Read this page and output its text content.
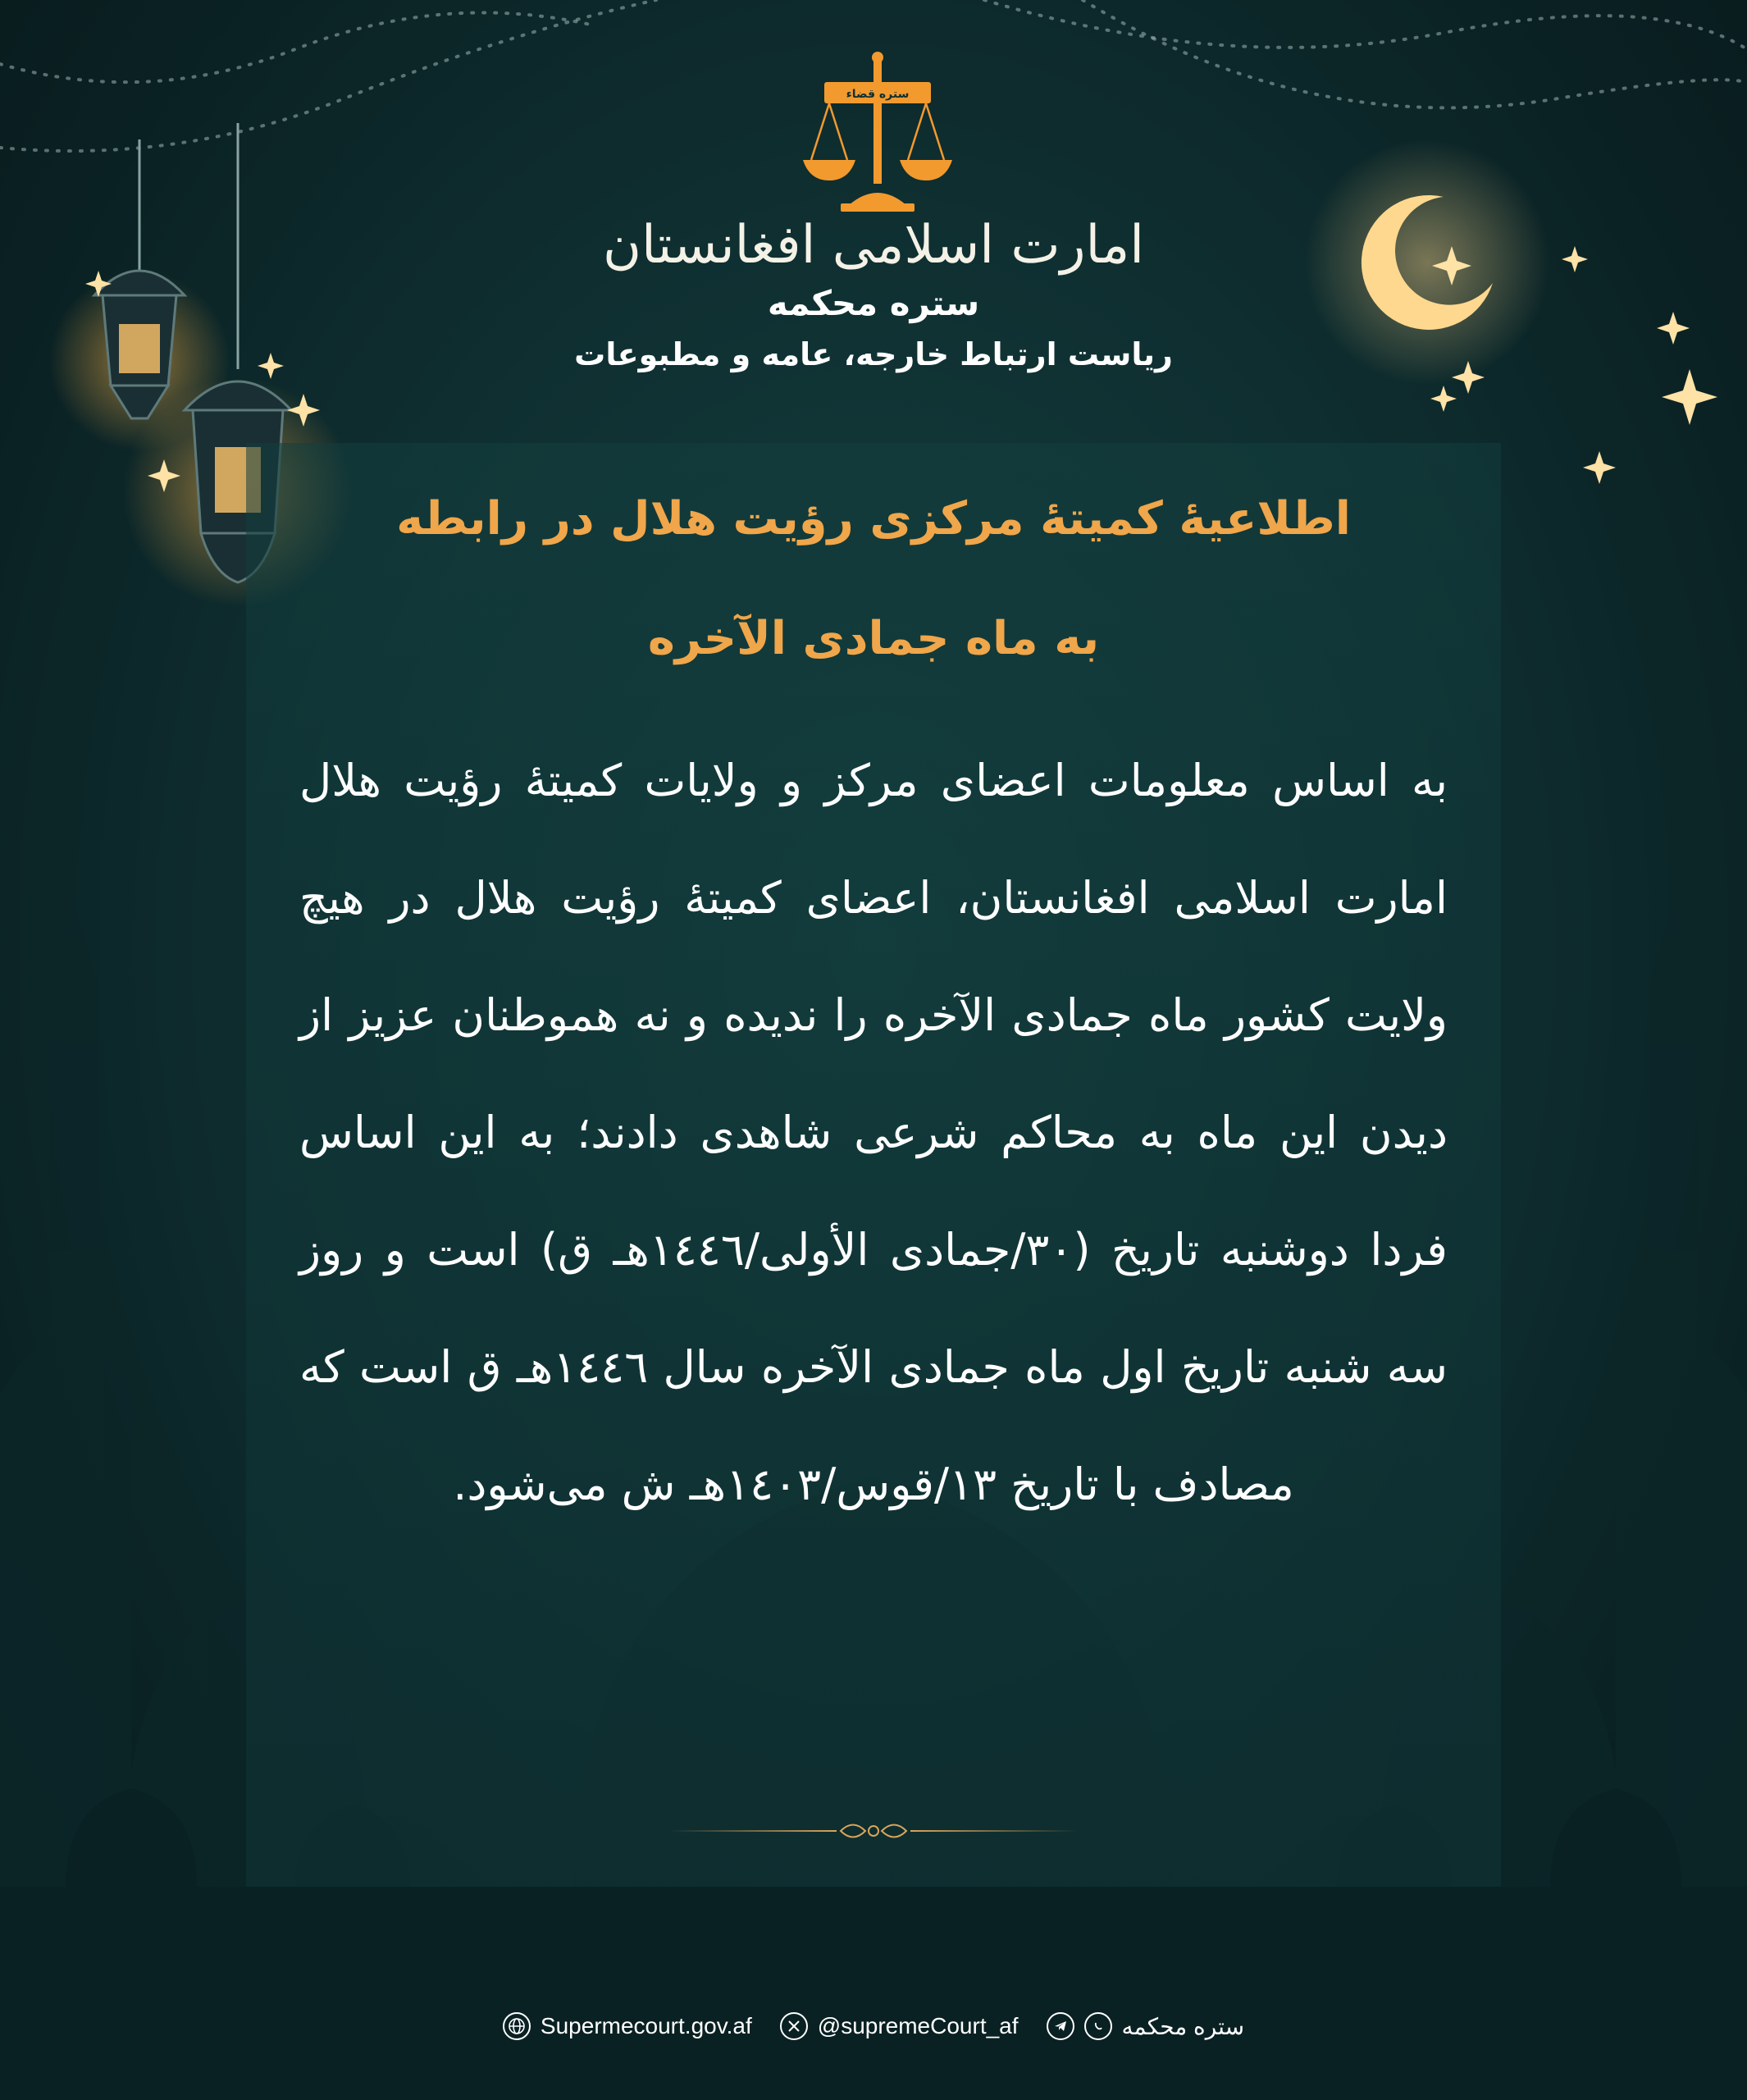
ستره قضاء
امارت اسلامی افغانستان
ستره محکمه
ریاست ارتباط خارجه، عامه و مطبوعات
اطلاعیۀ کمیتۀ مرکزی رؤیت هلال در رابطه
به ماه جمادی الآخره
به اساس معلومات اعضای مرکز و ولایات کمیتۀ رؤیت هلال امارت اسلامی افغانستان، اعضای کمیتۀ رؤیت هلال در هیچ ولایت کشور ماه جمادی الآخره را ندیده و نه هموطنان عزیز از دیدن این ماه به محاکم شرعی شاهدی دادند؛ به این اساس فردا دوشنبه تاریخ (۳۰/جمادی الأولی/۱٤٤٦هـ ق) است و روز سه شنبه تاریخ اول ماه جمادی الآخره سال ۱٤٤٦هـ ق است که مصادف با تاریخ ۱۳/قوس/۱٤۰۳هـ ش می‌شود.
Supermecourt.gov.af	@supremeCourt_af	ستره محکمه
